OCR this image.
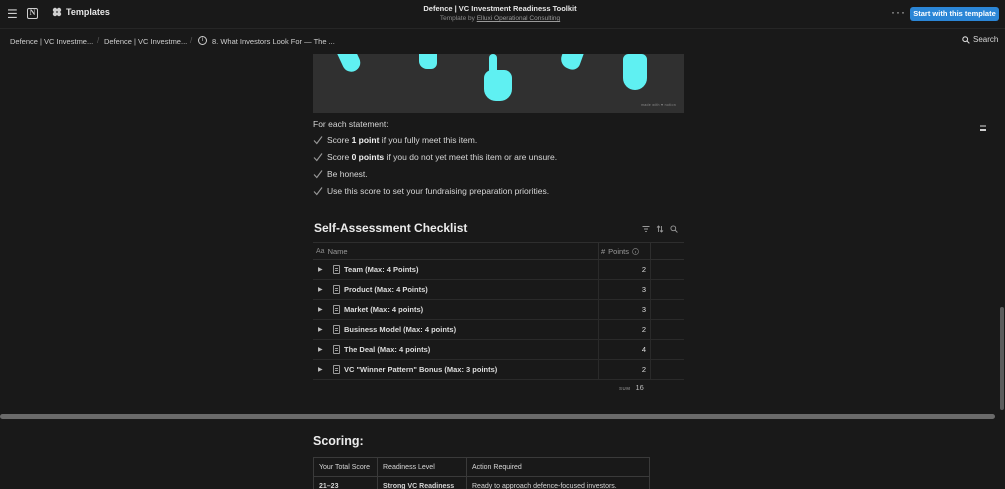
☰	N	Templates	Defence | VC Investment Readiness Toolkit
Template by Elluxi Operational Consulting	··· Start with this template
Defence | VC Investme... / Defence | VC Investme... /	i	8. What Investors Look For — The ...	Search
made with ♥ notion
For each statement:
Score 1 point if you fully meet this item.
Score 0 points if you do not yet meet this item or are unsure.
Be honest.
Use this score to set your fundraising preparation priorities.
Self-Assessment Checklist
Aa Name	# Points
▶	Team (Max: 4 Points)	2
▶	Product (Max: 4 Points)	3
▶	Market (Max: 4 points)	3
▶	Business Model (Max: 4 points)	2
▶	The Deal (Max: 4 points)	4
▶	VC "Winner Pattern" Bonus (Max: 3 points)	2
SUM 16
Scoring:
Your Total Score	Readiness Level	Action Required
21–23	Strong VC Readiness	Ready to approach defence-focused investors.
